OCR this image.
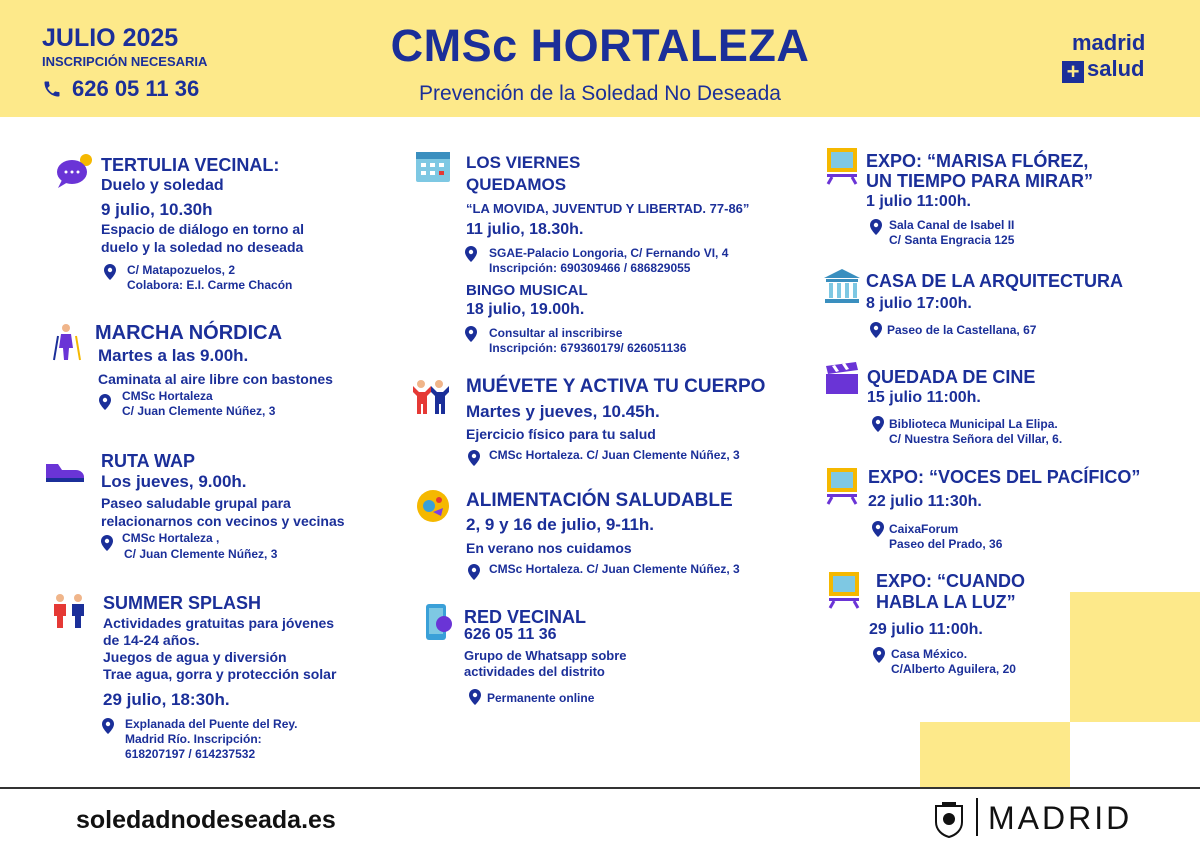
JULIO 2025
INSCRIPCIÓN NECESARIA
626 05 11 36
CMSc HORTALEZA
Prevención de la Soledad No Deseada
madrid
+ salud
TERTULIA VECINAL:
Duelo y soledad
9 julio, 10.30h
Espacio de diálogo en torno al
duelo y la soledad no deseada
C/ Matapozuelos, 2
Colabora: E.I. Carme Chacón
MARCHA NÓRDICA
Martes a las 9.00h.
Caminata al aire libre con bastones
CMSc Hortaleza
C/ Juan Clemente Núñez, 3
RUTA WAP
Los jueves, 9.00h.
Paseo saludable grupal para
relacionarnos con vecinos y vecinas
CMSc Hortaleza ,
C/ Juan Clemente Núñez, 3
SUMMER SPLASH
Actividades gratuitas para jóvenes
de 14-24 años.
Juegos de agua y diversión
Trae agua, gorra y protección solar
29 julio, 18:30h.
Explanada del Puente del Rey.
Madrid Río. Inscripción:
618207197 / 614237532
LOS VIERNES
QUEDAMOS
“LA MOVIDA, JUVENTUD Y LIBERTAD. 77-86”
11 julio, 18.30h.
SGAE-Palacio Longoria, C/ Fernando VI, 4
Inscripción: 690309466 / 686829055
BINGO MUSICAL
18 julio, 19.00h.
Consultar al inscribirse
Inscripción: 679360179/ 626051136
MUÉVETE Y ACTIVA TU CUERPO
Martes y jueves, 10.45h.
Ejercicio físico para tu salud
CMSc Hortaleza. C/ Juan Clemente Núñez, 3
ALIMENTACIÓN SALUDABLE
2, 9 y 16 de julio, 9-11h.
En verano nos cuidamos
CMSc Hortaleza. C/ Juan Clemente Núñez, 3
RED VECINAL
626 05 11 36
Grupo de Whatsapp sobre
actividades del distrito
Permanente online
EXPO: “MARISA FLÓREZ,
UN TIEMPO PARA MIRAR”
1 julio 11:00h.
Sala Canal de Isabel II
C/ Santa Engracia 125
CASA DE LA ARQUITECTURA
8 julio 17:00h.
Paseo de la Castellana, 67
QUEDADA DE CINE
15 julio 11:00h.
Biblioteca Municipal La Elipa.
C/ Nuestra Señora del Villar, 6.
EXPO: “VOCES DEL PACÍFICO”
22 julio 11:30h.
CaixaForum
Paseo del Prado, 36
EXPO: “CUANDO
HABLA LA LUZ”
29 julio 11:00h.
Casa México.
C/Alberto Aguilera, 20
soledadnodeseada.es	MADRID
